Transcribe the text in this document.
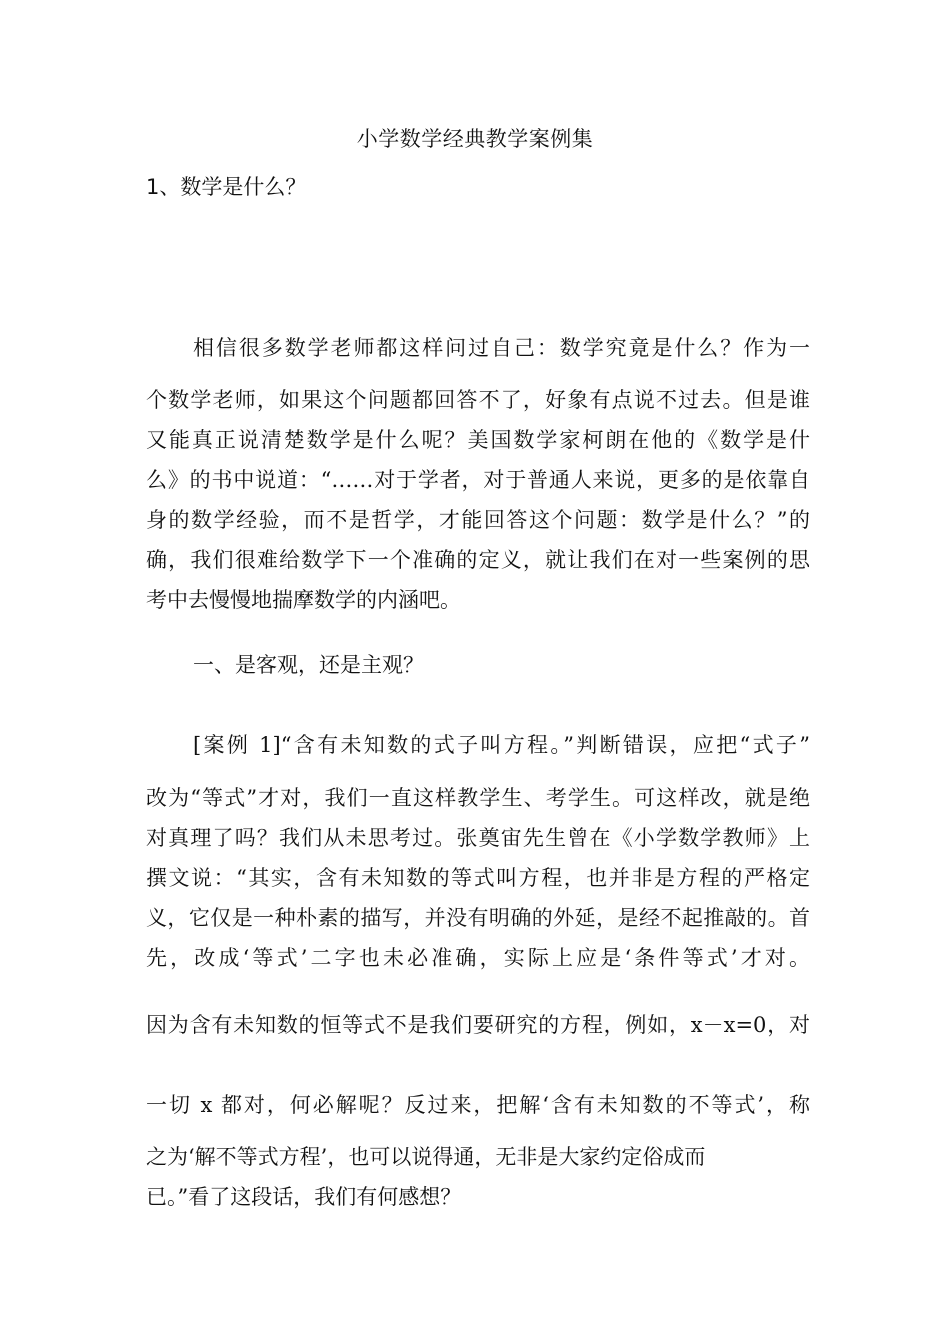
小学数学经典教学案例集
1、数学是什么？
相信很多数学老师都这样问过自己：数学究竟是什么？作为一
个数学老师，如果这个问题都回答不了，好象有点说不过去。但是谁
又能真正说清楚数学是什么呢？美国数学家柯朗在他的《数学是什
么》的书中说道：“……对于学者，对于普通人来说，更多的是依靠自
身的数学经验，而不是哲学，才能回答这个问题：数学是什么？”的
确，我们很难给数学下一个准确的定义，就让我们在对一些案例的思
考中去慢慢地揣摩数学的内涵吧。
一、是客观，还是主观？
[案例 1]“含有未知数的式子叫方程。”判断错误，应把“式子”
改为“等式”才对，我们一直这样教学生、考学生。可这样改，就是绝
对真理了吗？我们从未思考过。张奠宙先生曾在《小学数学教师》上
撰文说：“其实，含有未知数的等式叫方程，也并非是方程的严格定
义，它仅是一种朴素的描写，并没有明确的外延，是经不起推敲的。首
先，改成‘等式’二字也未必准确，实际上应是‘条件等式’才对。
因为含有未知数的恒等式不是我们要研究的方程，例如，x－x=0，对
一切 x 都对，何必解呢？反过来，把解‘含有未知数的不等式’，称
之为‘解不等式方程’，也可以说得通，无非是大家约定俗成而
已。”看了这段话，我们有何感想？
